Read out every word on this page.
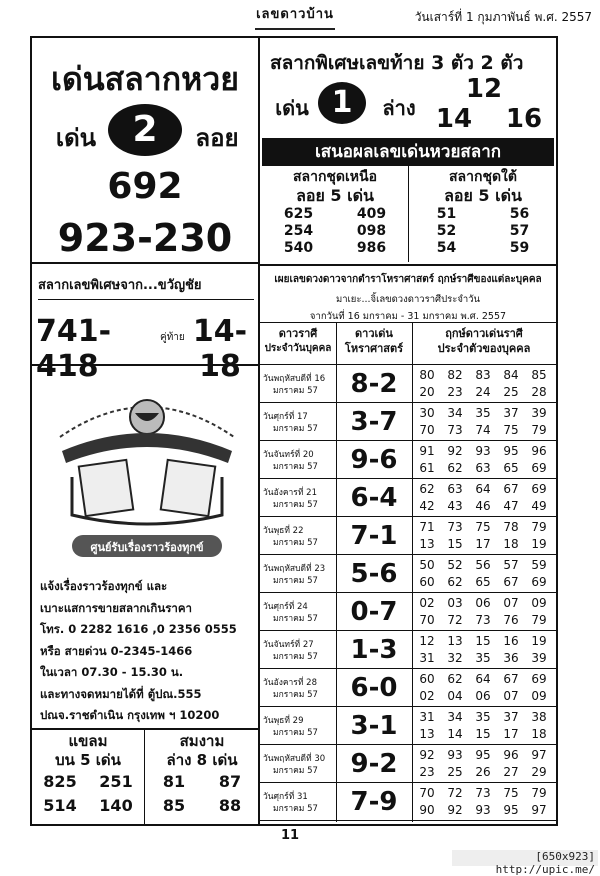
เลขดาวบ้าน	วันเสาร์ที่ 1 กุมภาพันธ์ พ.ศ. 2557
เด่นสลากหวย
เด่น	2	ลอย
692
923-230
สลากพิเศษเลขท้าย 3 ตัว 2 ตัว
เด่น 1	ล่าง
12
14	16
เสนอผลเลขเด่นหวยสลาก
สลากชุดเหนือ
ลอย 5 เด่น
625	409
254	098
540	986
สลากชุดใต้
ลอย 5 เด่น
51	56
52	57
54	59
สลากเลขพิเศษจาก...ขวัญชัย
741-418
คู่ท้าย 14-18
เผยเลขดวงดาวจากตำราโหราศาสตร์ ฤกษ์ราศีของแต่ละบุคคล
มาเยะ...จิ้เลขดวงดาวราศีประจำวัน
จากวันที่ 16 มกราคม - 31 มกราคม พ.ศ. 2557
ดาวราศี
ประจำวันบุคคล
ดาวเด่น
โหราศาสตร์
ฤกษ์ดาวเด่นราศี
ประจำตัวของบุคคล
วันพฤหัสบดีที่ 16
มกราคม 57	8-2	80	82	83	84	85
20	23	24	25	28
วันศุกร์ที่ 17
มกราคม 57	3-7	30	34	35	37	39
70	73	74	75	79
วันจันทร์ที่ 20
มกราคม 57	9-6	91	92	93	95	96
61	62	63	65	69
วันอังคารที่ 21
มกราคม 57	6-4	62	63	64	67	69
42	43	46	47	49
วันพุธที่ 22
มกราคม 57	7-1	71	73	75	78	79
13	15	17	18	19
วันพฤหัสบดีที่ 23
มกราคม 57	5-6	50	52	56	57	59
60	62	65	67	69
วันศุกร์ที่ 24
มกราคม 57	0-7	02	03	06	07	09
70	72	73	76	79
วันจันทร์ที่ 27
มกราคม 57	1-3	12	13	15	16	19
31	32	35	36	39
วันอังคารที่ 28
มกราคม 57	6-0	60	62	64	67	69
02	04	06	07	09
วันพุธที่ 29
มกราคม 57	3-1	31	34	35	37	38
13	14	15	17	18
วันพฤหัสบดีที่ 30
มกราคม 57	9-2	92	93	95	96	97
23	25	26	27	29
วันศุกร์ที่ 31
มกราคม 57	7-9	70	72	73	75	79
90	92	93	95	97
ศูนย์รับเรื่องราวร้องทุกข์
แจ้งเรื่องราวร้องทุกข์ และ
เบาะแสการขายสลากเกินราคา
โทร. 0 2282 1616 ,0 2356 0555
หรือ สายด่วน 0-2345-1466
ในเวลา 07.30 - 15.30 น.
และทางจดหมายได้ที่ ตู้ปณ.555
ปณจ.ราชดำเนิน กรุงเทพ ฯ 10200
แขลม
บน 5 เด่น
825 251
514 140
สมงาม
ล่าง 8 เด่น
81 87
85 88
11
[650x923] http://upic.me/
